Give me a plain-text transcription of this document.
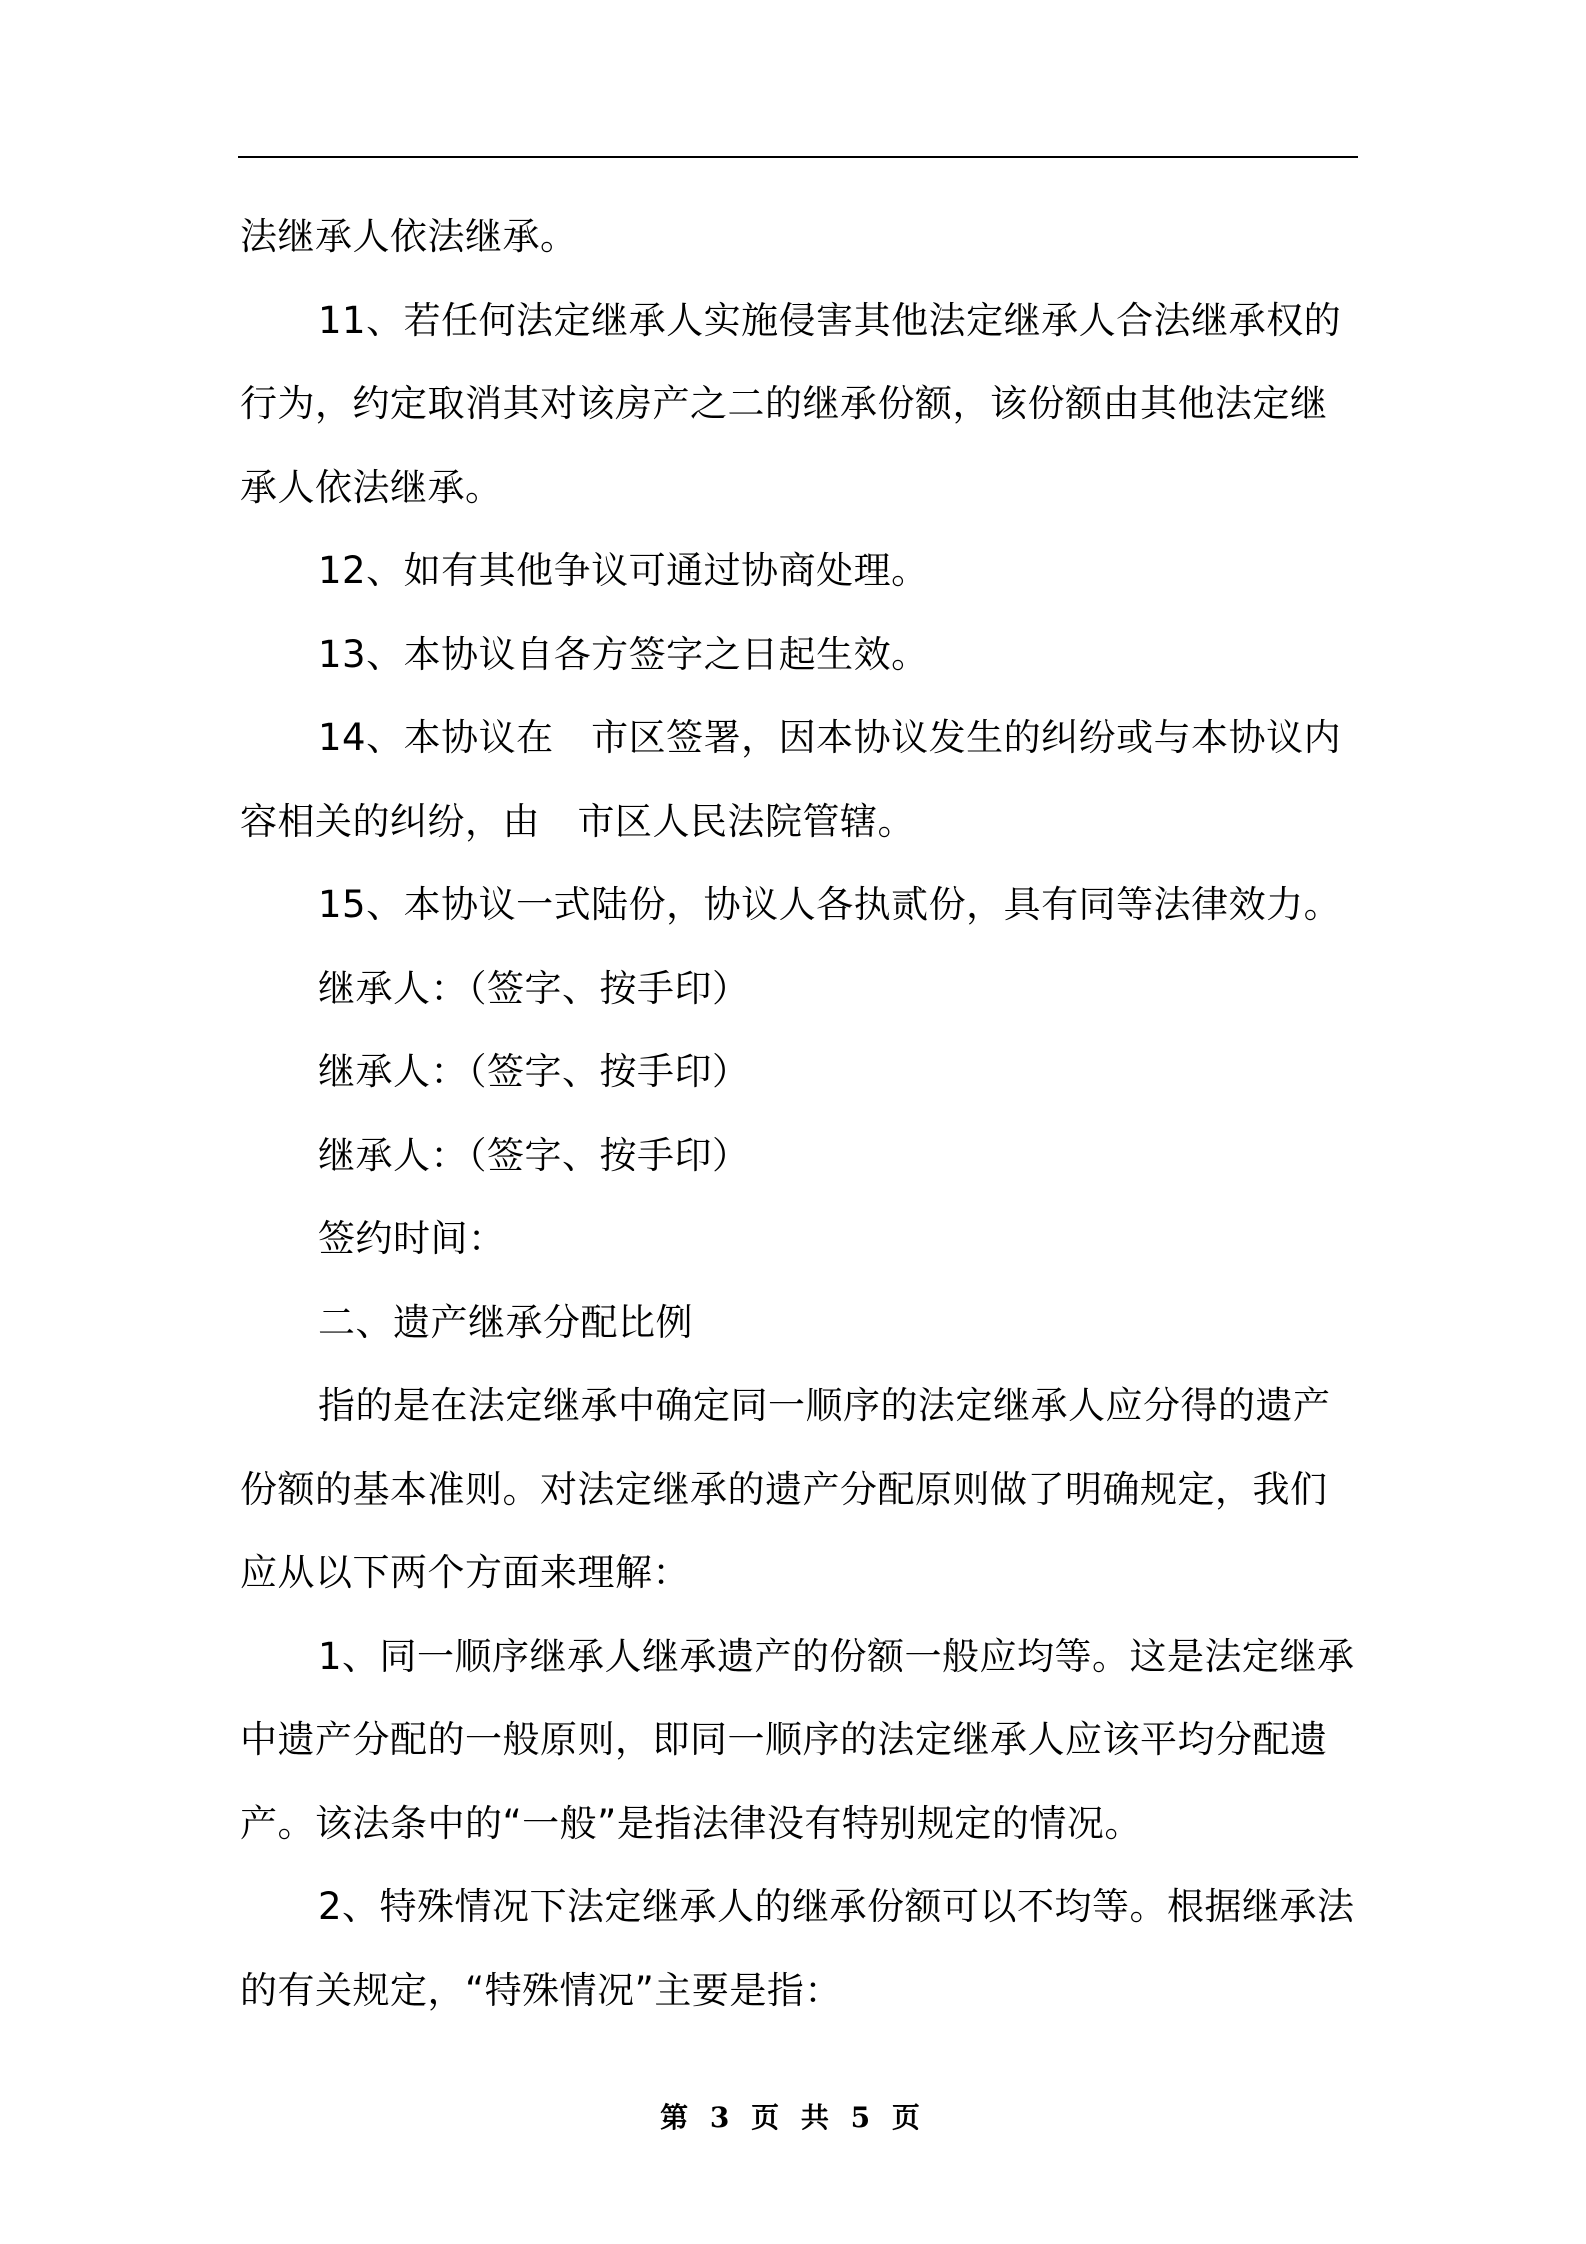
法继承人依法继承。

11、若任何法定继承人实施侵害其他法定继承人合法继承权的行为，约定取消其对该房产之二的继承份额，该份额由其他法定继承人依法继承。

12、如有其他争议可通过协商处理。

13、本协议自各方签字之日起生效。

14、本协议在　市区签署，因本协议发生的纠纷或与本协议内容相关的纠纷，由　市区人民法院管辖。

15、本协议一式陆份，协议人各执贰份，具有同等法律效力。

继承人：（签字、按手印）

继承人：（签字、按手印）

继承人：（签字、按手印）

签约时间：

二、遗产继承分配比例

指的是在法定继承中确定同一顺序的法定继承人应分得的遗产份额的基本准则。对法定继承的遗产分配原则做了明确规定，我们应从以下两个方面来理解：

1、同一顺序继承人继承遗产的份额一般应均等。这是法定继承中遗产分配的一般原则，即同一顺序的法定继承人应该平均分配遗产。该法条中的“一般”是指法律没有特别规定的情况。

2、特殊情况下法定继承人的继承份额可以不均等。根据继承法的有关规定，“特殊情况”主要是指：

第 3 页 共 5 页
